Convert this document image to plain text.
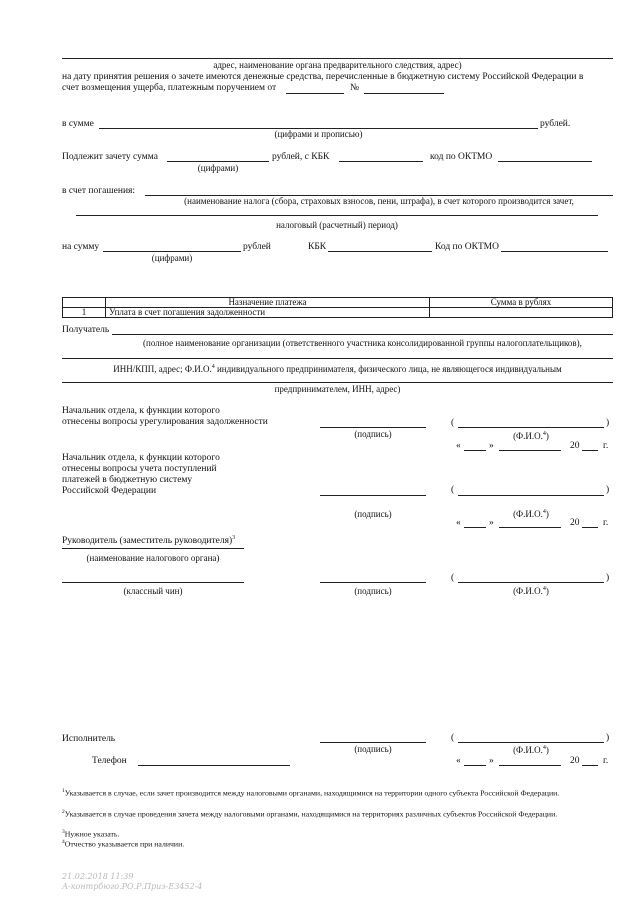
адрес, наименование органа предварительного следствия, адрес)
на дату принятия решения о зачете имеются денежные средства, перечисленные в бюджетную систему Российской Федерации в
счет возмещения ущерба, платежным поручением от	№
в сумме	рублей.
(цифрами и прописью)
Подлежит зачету сумма	рублей, с КБК	код по ОКТМО
(цифрами)
в счет погашения:
(наименование налога (сбора, страховых взносов, пени, штрафа), в счет которого производится зачет,
налоговый (расчетный) период)
на сумму	рублей	КБК	Код по ОКТМО
(цифрами)
	Назначение платежа	Сумма в рублях
1	Уплата в счет погашения задолженности	
Получатель
(полное наименование организации (ответственного участника консолидированной группы налогоплательщиков),
ИНН/КПП, адрес; Ф.И.О.$^4$ индивидуального предпринимателя, физического лица, не являющегося индивидуальным
предпринимателем, ИНН, адрес)
Начальник отдела, к функции которого
отнесены вопросы урегулирования задолженности
(подпись)
(	)
(Ф.И.О.$^4$)
«	»	20 г.
Начальник отдела, к функции которого
отнесены вопросы учета поступлений
платежей в бюджетную систему
Российской Федерации	(	)
(подпись)	(Ф.И.О.$^4$)
«	»	20 г.
Руководитель (заместитель руководителя)$^3$
(наименование налогового органа)
(классный чин)	(подпись)
(	)
(Ф.И.О.$^4$)
Исполнитель
(подпись)
(	)
(Ф.И.О.$^4$)
Телефон	«	»	20 г.
$^1$Указывается в случае, если зачет производится между налоговыми органами, находящимися на территории одного субъекта Российской Федерации.
$^2$Указывается в случае проведения зачета между налоговыми органами, находящимися на территориях различных субъектов Российской Федерации.
$^3$Нужное указать.
$^4$Отчество указывается при наличии.
21.02.2018 11:39
А-контрбюго.РО.Р.Приз-E3452-4
